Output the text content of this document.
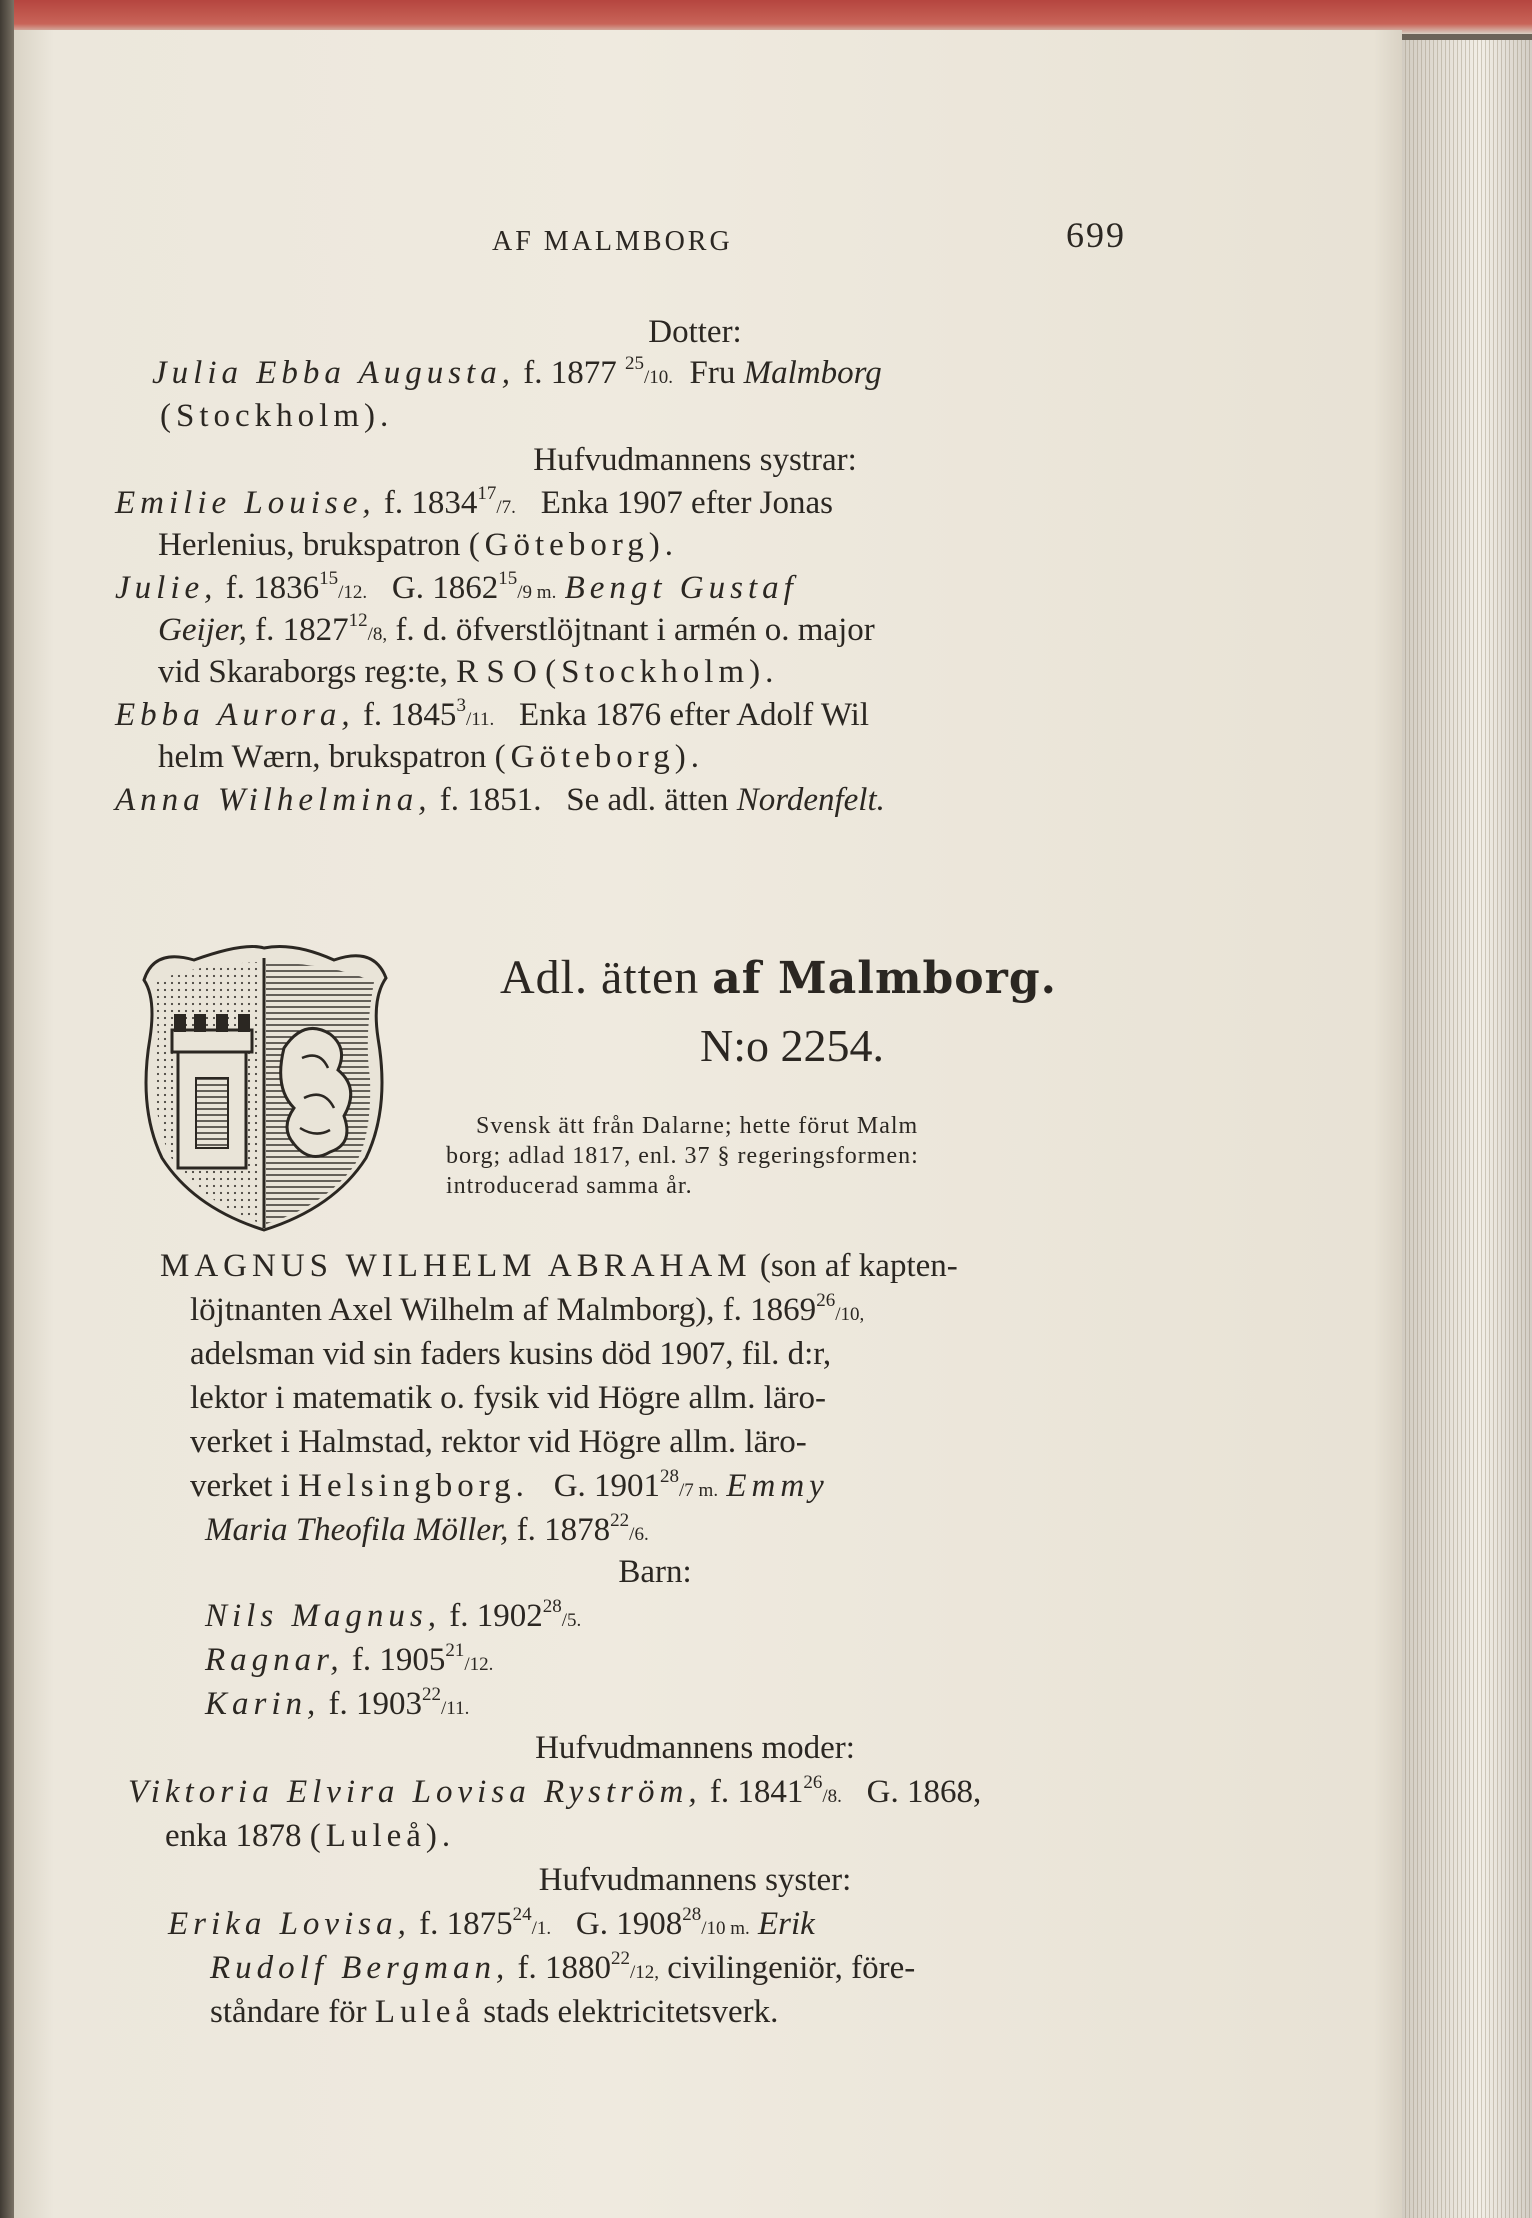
AF MALMBORG	699
Dotter:
Julia Ebba Augusta, f. 1877 $^{25}$/10. Fru Malmborg
(Stockholm).
Hufvudmannens systrar:
Emilie Louise, f. 1834$^{17}$/7. Enka 1907 efter Jonas
Herlenius, brukspatron (Göteborg).
Julie, f. 1836$^{15}$/12. G. 1862$^{15}$/9 m. Bengt Gustaf
Geijer, f. 1827$^{12}$/8, f. d. öfverstlöjtnant i armén o. major
vid Skaraborgs reg:te, R S O (Stockholm).
Ebba Aurora, f. 1845$^3$/11. Enka 1876 efter Adolf Wil
helm Wærn, brukspatron (Göteborg).
Anna Wilhelmina, f. 1851. Se adl. ätten Nordenfelt.
Adl. ätten af Malmborg.
N:o 2254.
Svensk ätt från Dalarne; hette förut Malm
borg; adlad 1817, enl. 37 § regeringsformen:
introducerad samma år.
MAGNUS WILHELM ABRAHAM (son af kapten-
löjtnanten Axel Wilhelm af Malmborg), f. 1869$^{26}$/10,
adelsman vid sin faders kusins död 1907, fil. d:r,
lektor i matematik o. fysik vid Högre allm. läro-
verket i Halmstad, rektor vid Högre allm. läro-
verket i Helsingborg. G. 1901$^{28}$/7 m. Emmy
Maria Theofila Möller, f. 1878$^{22}$/6.
Barn:
Nils Magnus, f. 1902$^{28}$/5.
Ragnar, f. 1905$^{21}$/12.
Karin, f. 1903$^{22}$/11.
Hufvudmannens moder:
Viktoria Elvira Lovisa Ryström, f. 1841$^{26}$/8. G. 1868,
enka 1878 (Luleå).
Hufvudmannens syster:
Erika Lovisa, f. 1875$^{24}$/1. G. 1908$^{28}$/10 m. Erik
Rudolf Bergman, f. 1880$^{22}$/12, civilingeniör, före-
ståndare för Luleå stads elektricitetsverk.
